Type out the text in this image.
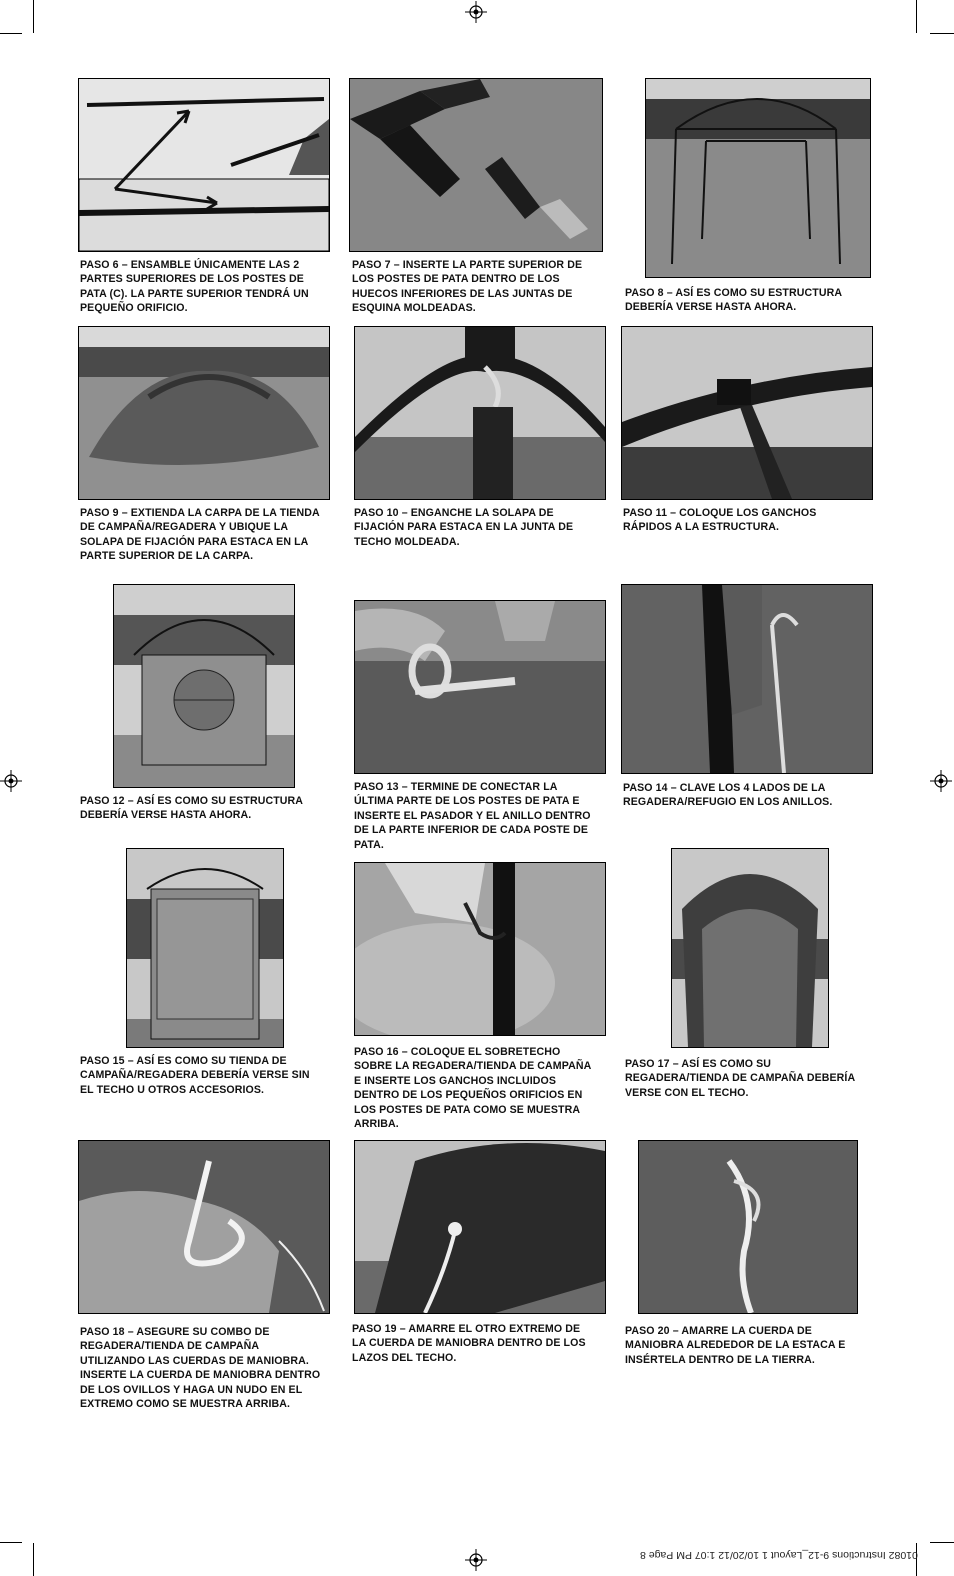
PASO 6 – ENSAMBLE ÚNICAMENTE LAS 2 PARTES SUPERIORES DE LOS POSTES DE PATA (C). LA PARTE SUPERIOR TENDRÁ UN PEQUEÑO ORIFICIO.
PASO 7 – INSERTE LA PARTE SUPERIOR DE LOS POSTES DE PATA DENTRO DE LOS HUECOS INFERIORES DE LAS JUNTAS DE ESQUINA MOLDEADAS.
PASO 8 – ASÍ ES COMO SU ESTRUCTURA DEBERÍA VERSE HASTA AHORA.
PASO 9 – EXTIENDA LA CARPA DE LA TIENDA DE CAMPAÑA/REGADERA Y UBIQUE LA SOLAPA DE FIJACIÓN PARA ESTACA EN LA PARTE SUPERIOR DE LA CARPA.
PASO 10 – ENGANCHE LA SOLAPA DE FIJACIÓN PARA ESTACA EN LA JUNTA DE TECHO MOLDEADA.
PASO 11 – COLOQUE LOS GANCHOS RÁPIDOS A LA ESTRUCTURA.
PASO 12 – ASÍ ES COMO SU ESTRUCTURA DEBERÍA VERSE HASTA AHORA.
PASO 13 – TERMINE DE CONECTAR LA ÚLTIMA PARTE DE LOS POSTES DE PATA E INSERTE EL PASADOR Y EL ANILLO DENTRO DE LA PARTE INFERIOR DE CADA POSTE DE PATA.
PASO 14 – CLAVE LOS 4 LADOS DE LA REGADERA/REFUGIO EN LOS ANILLOS.
PASO 15 – ASÍ ES COMO SU TIENDA DE CAMPAÑA/REGADERA DEBERÍA VERSE SIN EL TECHO U OTROS ACCESORIOS.
PASO 16 – COLOQUE EL SOBRETECHO SOBRE LA REGADERA/TIENDA DE CAMPAÑA E INSERTE LOS GANCHOS INCLUIDOS DENTRO DE LOS PEQUEÑOS ORIFICIOS EN LOS POSTES DE PATA COMO SE MUESTRA ARRIBA.
PASO 17 – ASÍ ES COMO SU REGADERA/TIENDA DE CAMPAÑA DEBERÍA VERSE CON EL TECHO.
PASO 18 – ASEGURE SU COMBO DE REGADERA/TIENDA DE CAMPAÑA UTILIZANDO LAS CUERDAS DE MANIOBRA. INSERTE LA CUERDA DE MANIOBRA DENTRO DE LOS OVILLOS Y HAGA UN NUDO EN EL EXTREMO COMO SE MUESTRA ARRIBA.
PASO 19 – AMARRE EL OTRO EXTREMO DE LA CUERDA DE MANIOBRA DENTRO DE LOS LAZOS DEL TECHO.
PASO 20 – AMARRE LA CUERDA DE MANIOBRA ALREDEDOR DE LA ESTACA E INSÉRTELA DENTRO DE LA TIERRA.
01082 Instructions 9-12_Layout 1 10/20/12 1:07 PM Page 8
